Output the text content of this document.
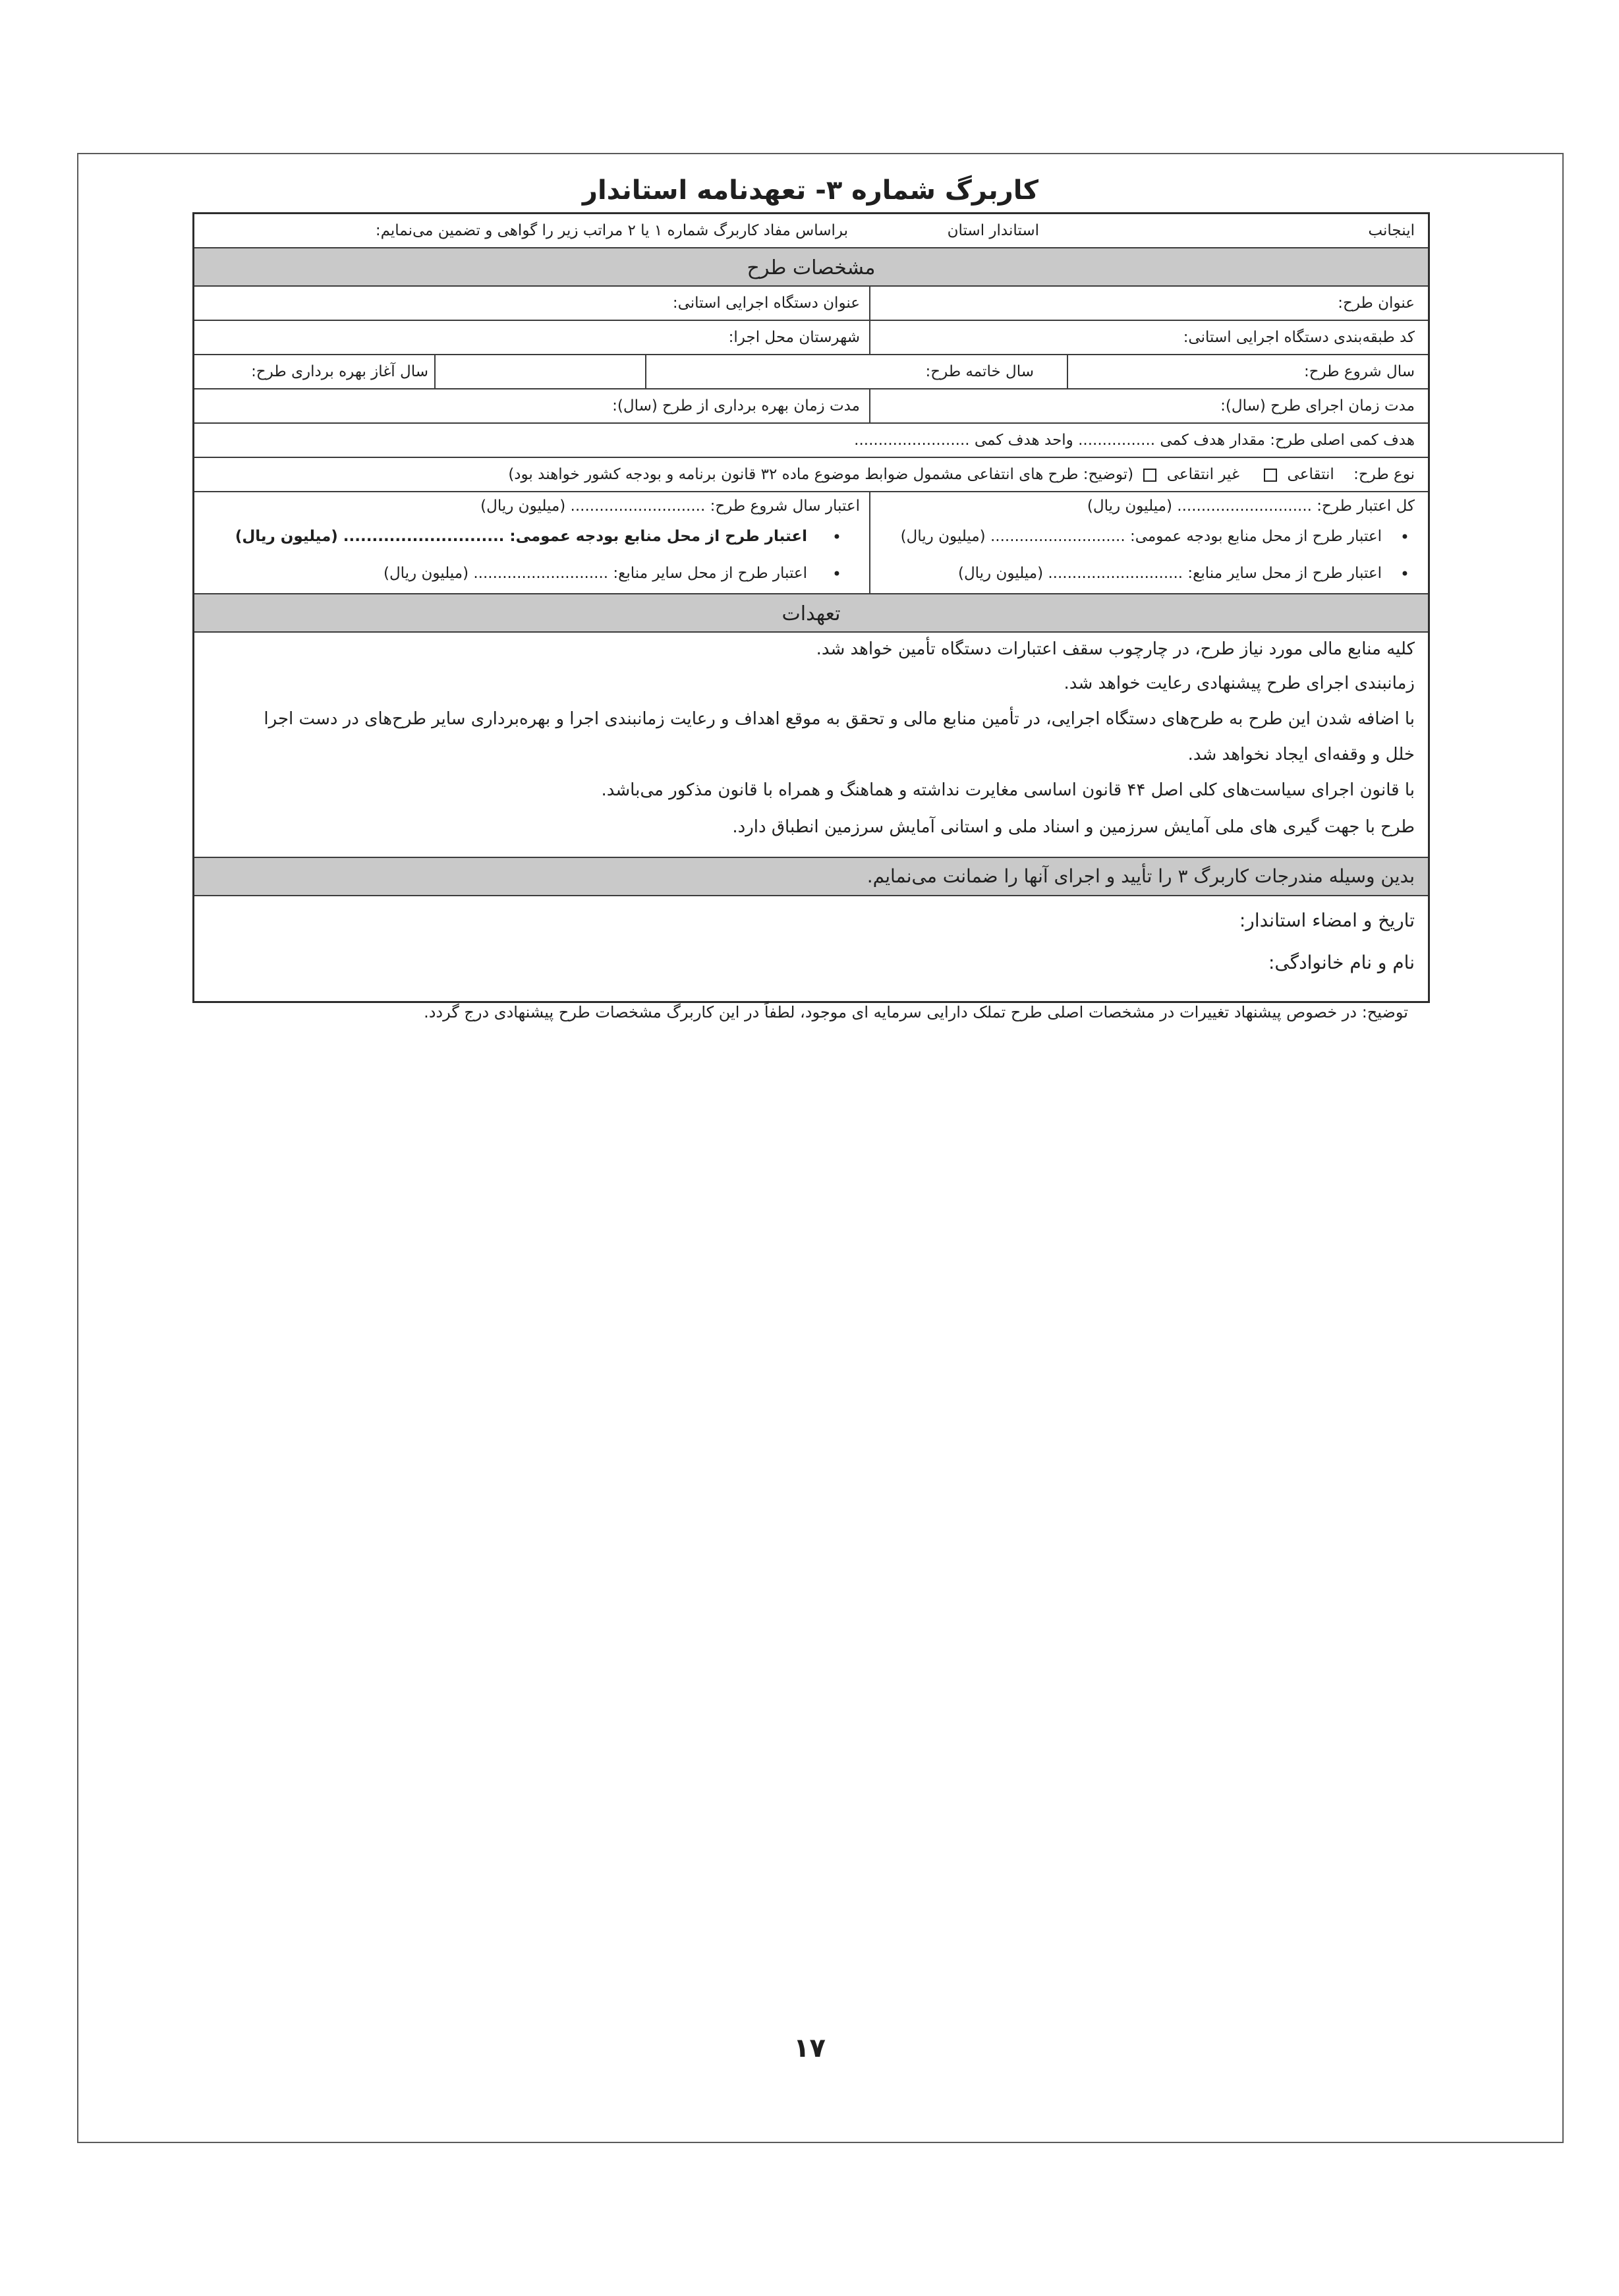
کاربرگ شماره ۳- تعهدنامه استاندار
اینجانب
استاندار استان
براساس مفاد کاربرگ شماره ۱ یا ۲ مراتب زیر را گواهی و تضمین می‌نمایم:
مشخصات طرح
عنوان طرح:
عنوان دستگاه اجرایی استانی:
کد طبقه‌بندی دستگاه اجرایی استانی:
شهرستان محل اجرا:
سال شروع طرح:
سال خاتمه طرح:
سال آغاز بهره برداری طرح:
مدت زمان اجرای طرح (سال):
مدت زمان بهره برداری از طرح (سال):
هدف کمی اصلی طرح: مقدار هدف کمی ................ واحد هدف کمی ........................
نوع طرح:    انتقاعی     غیر انتقاعی  (توضیح: طرح های انتفاعی مشمول ضوابط موضوع ماده ۳۲ قانون برنامه و بودجه کشور خواهند بود)
کل اعتبار طرح: ............................ (میلیون ریال)
•
اعتبار طرح از محل منابع بودجه عمومی: ............................ (میلیون ریال)
•
اعتبار طرح از محل سایر منابع: ............................ (میلیون ریال)
اعتبار سال شروع طرح: ............................ (میلیون ریال)
•
اعتبار طرح از محل منابع بودجه عمومی: ............................ (میلیون ریال)
•
اعتبار طرح از محل سایر منابع: ............................ (میلیون ریال)
تعهدات
کلیه منابع مالی مورد نیاز طرح، در چارچوب سقف اعتبارات دستگاه تأمین خواهد شد.
زمانبندی اجرای طرح پیشنهادی رعایت خواهد شد.
با اضافه شدن این طرح به طرح‌های دستگاه اجرایی، در تأمین منابع مالی و تحقق به موقع اهداف و رعایت زمانبندی اجرا و بهره‌برداری سایر طرح‌های در دست اجرا
خلل و وقفه‌ای ایجاد نخواهد شد.
با قانون اجرای سیاست‌های کلی اصل ۴۴ قانون اساسی مغایرت نداشته و هماهنگ و همراه با قانون مذکور می‌باشد.
طرح با جهت گیری های ملی آمایش سرزمین و اسناد ملی و استانی آمایش سرزمین انطباق دارد.
بدین وسیله مندرجات کاربرگ ۳ را تأیید و اجرای آنها را ضمانت می‌نمایم.
تاریخ و امضاء استاندار:
نام و نام خانوادگی:
توضیح: در خصوص پیشنهاد تغییرات در مشخصات اصلی طرح تملک دارایی سرمایه ای موجود، لطفاً در این کاربرگ مشخصات طرح پیشنهادی درج گردد.
۱۷
